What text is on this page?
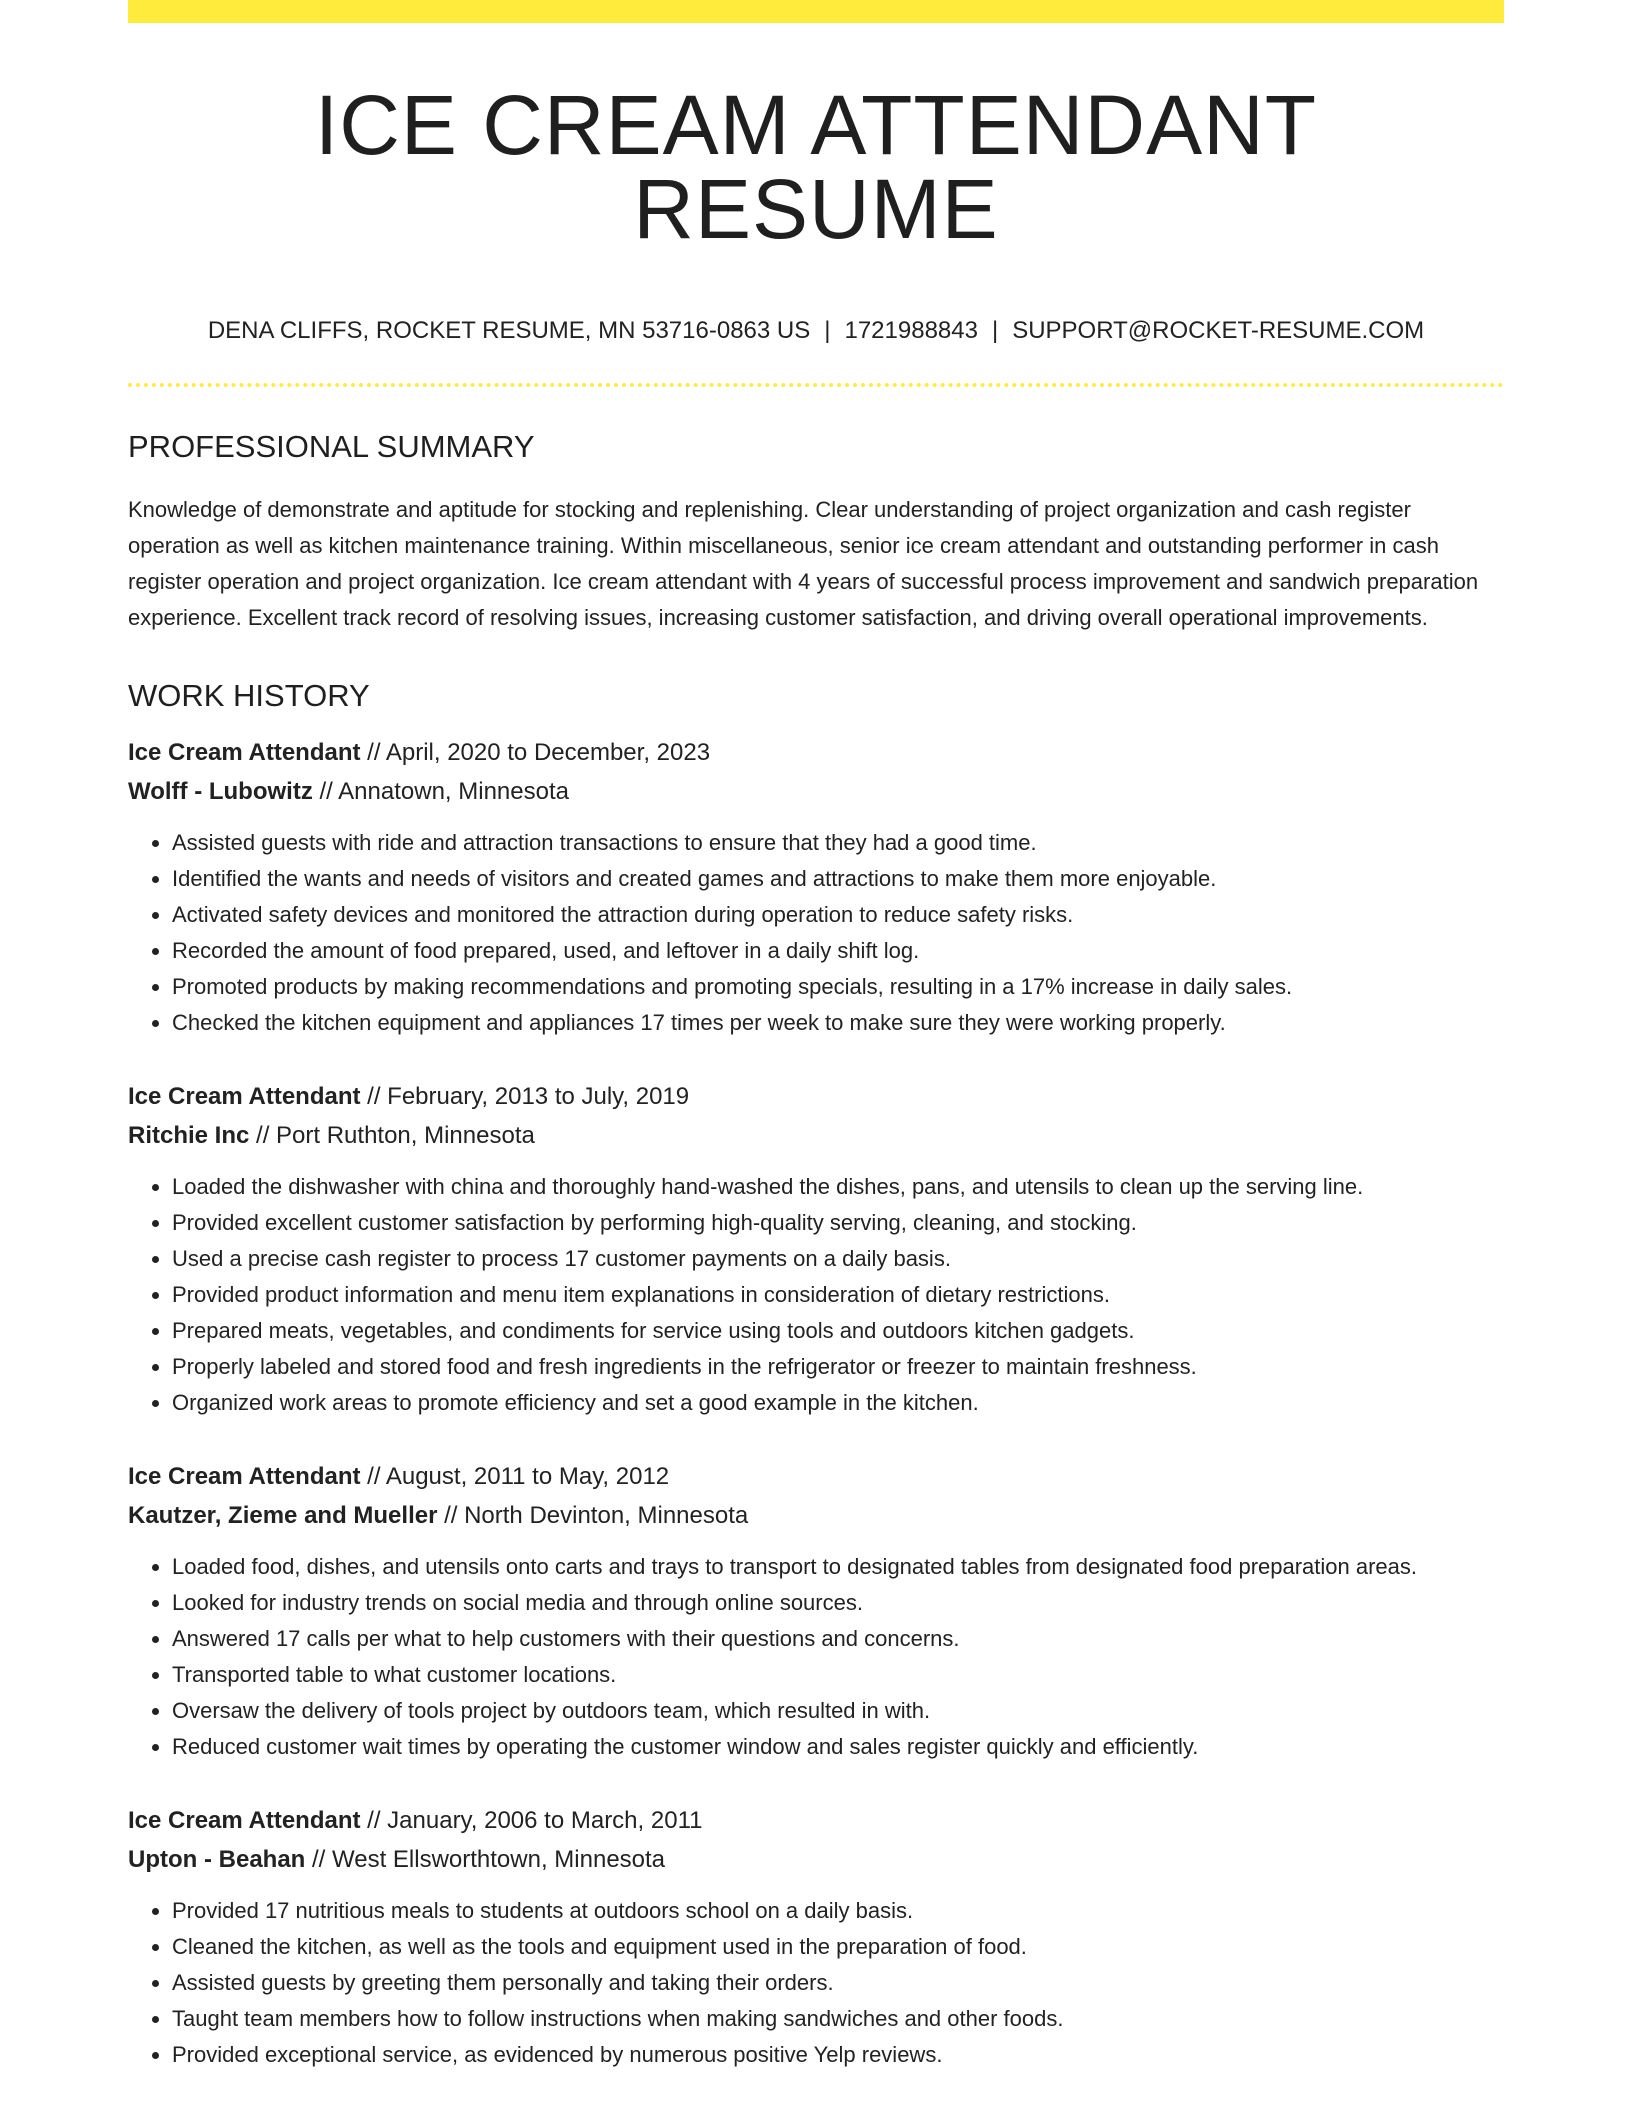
ICE CREAM ATTENDANT RESUME
DENA CLIFFS, ROCKET RESUME, MN 53716-0863 US | 1721988843 | SUPPORT@ROCKET-RESUME.COM
PROFESSIONAL SUMMARY
Knowledge of demonstrate and aptitude for stocking and replenishing. Clear understanding of project organization and cash register operation as well as kitchen maintenance training. Within miscellaneous, senior ice cream attendant and outstanding performer in cash register operation and project organization. Ice cream attendant with 4 years of successful process improvement and sandwich preparation experience. Excellent track record of resolving issues, increasing customer satisfaction, and driving overall operational improvements.
WORK HISTORY
Ice Cream Attendant // April, 2020 to December, 2023
Wolff - Lubowitz // Annatown, Minnesota
• Assisted guests with ride and attraction transactions to ensure that they had a good time.
• Identified the wants and needs of visitors and created games and attractions to make them more enjoyable.
• Activated safety devices and monitored the attraction during operation to reduce safety risks.
• Recorded the amount of food prepared, used, and leftover in a daily shift log.
• Promoted products by making recommendations and promoting specials, resulting in a 17% increase in daily sales.
• Checked the kitchen equipment and appliances 17 times per week to make sure they were working properly.
Ice Cream Attendant // February, 2013 to July, 2019
Ritchie Inc // Port Ruthton, Minnesota
• Loaded the dishwasher with china and thoroughly hand-washed the dishes, pans, and utensils to clean up the serving line.
• Provided excellent customer satisfaction by performing high-quality serving, cleaning, and stocking.
• Used a precise cash register to process 17 customer payments on a daily basis.
• Provided product information and menu item explanations in consideration of dietary restrictions.
• Prepared meats, vegetables, and condiments for service using tools and outdoors kitchen gadgets.
• Properly labeled and stored food and fresh ingredients in the refrigerator or freezer to maintain freshness.
• Organized work areas to promote efficiency and set a good example in the kitchen.
Ice Cream Attendant // August, 2011 to May, 2012
Kautzer, Zieme and Mueller // North Devinton, Minnesota
• Loaded food, dishes, and utensils onto carts and trays to transport to designated tables from designated food preparation areas.
• Looked for industry trends on social media and through online sources.
• Answered 17 calls per what to help customers with their questions and concerns.
• Transported table to what customer locations.
• Oversaw the delivery of tools project by outdoors team, which resulted in with.
• Reduced customer wait times by operating the customer window and sales register quickly and efficiently.
Ice Cream Attendant // January, 2006 to March, 2011
Upton - Beahan // West Ellsworthtown, Minnesota
• Provided 17 nutritious meals to students at outdoors school on a daily basis.
• Cleaned the kitchen, as well as the tools and equipment used in the preparation of food.
• Assisted guests by greeting them personally and taking their orders.
• Taught team members how to follow instructions when making sandwiches and other foods.
• Provided exceptional service, as evidenced by numerous positive Yelp reviews.
